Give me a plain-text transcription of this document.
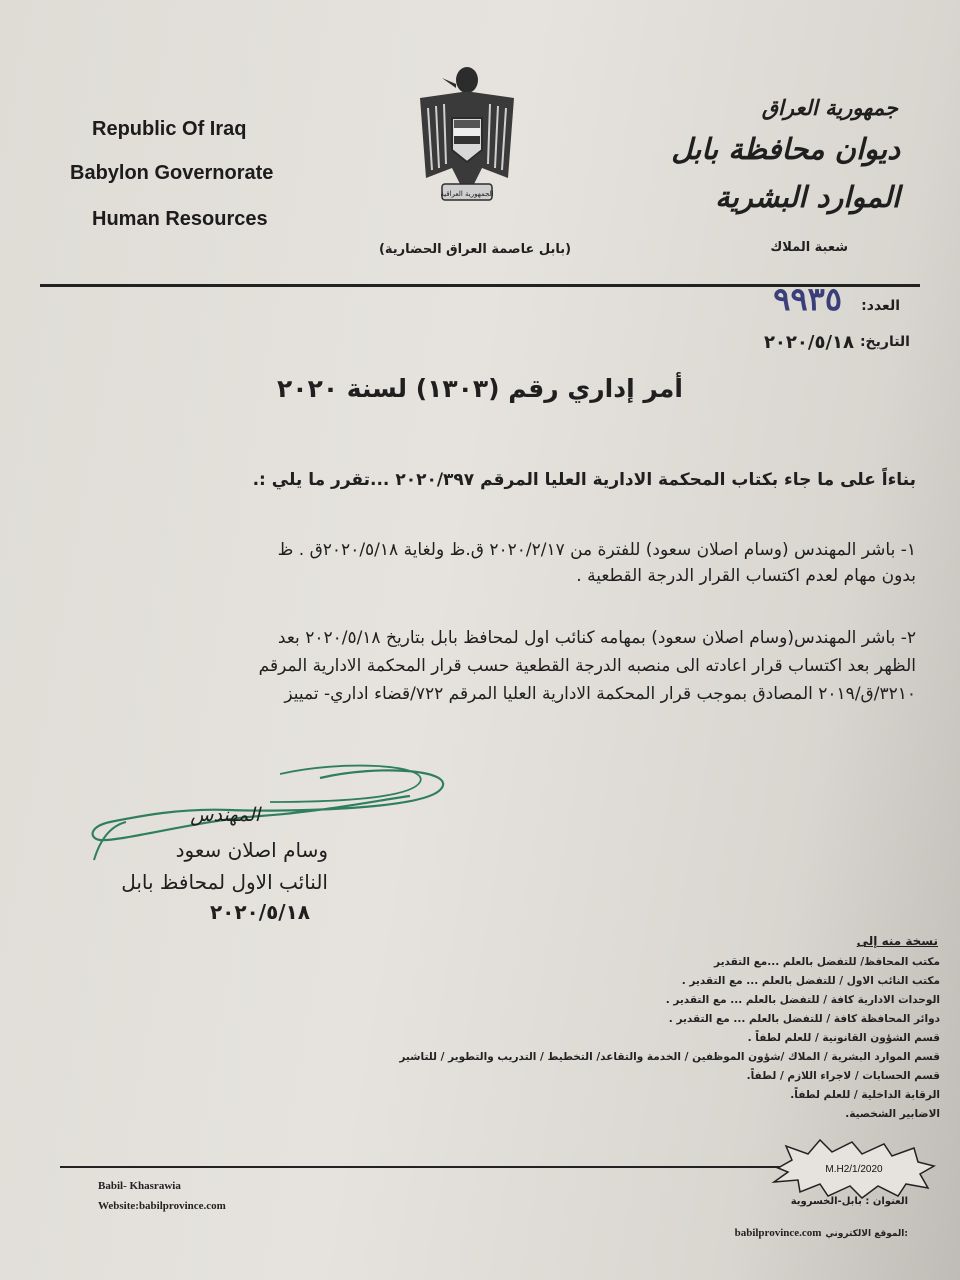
Republic Of Iraq
Babylon Governorate
Human Resources
الجمهورية العراقية
(بابل عاصمة العراق الحضارية)
جمهورية العراق
ديوان محافظة بابل
الموارد البشرية
شعبة الملاك
العدد:
٩٩٣٥
التاريخ:
٢٠٢٠/٥/١٨
أمر إداري رقم (١٣٠٣) لسنة ٢٠٢٠
بناءاً على ما جاء بكتاب المحكمة الادارية العليا المرقم ٢٠٢٠/٣٩٧ ...تقرر ما يلي :.
١- باشر المهندس (وسام اصلان سعود) للفترة من ٢٠٢٠/٢/١٧ ق.ظ ولغاية ٢٠٢٠/٥/١٨ق . ظ
بدون مهام لعدم اكتساب القرار الدرجة القطعية .
٢- باشر المهندس(وسام اصلان سعود) بمهامه كنائب اول لمحافظ بابل بتاريخ ٢٠٢٠/٥/١٨ بعد
الظهر بعد اكتساب قرار اعادته الى منصبه الدرجة القطعية حسب قرار المحكمة الادارية المرقم
٣٢١٠/ق/٢٠١٩ المصادق بموجب قرار المحكمة الادارية العليا المرقم ٧٢٢/قضاء اداري- تمييز
المهندس
وسام اصلان سعود
النائب الاول لمحافظ بابل
٢٠٢٠/٥/١٨
نسخة منه إلى
مكتب المحافظ/ للتفضل بالعلم ...مع التقدير
مكتب النائب الاول / للتفضل بالعلم ... مع التقدير .
الوحدات الادارية كافة / للتفضل بالعلم ... مع التقدير .
دوائر المحافظة كافة / للتفضل بالعلم ... مع التقدير .
قسم الشؤون القانونية / للعلم لطفاً .
قسم الموارد البشرية / الملاك /شؤون الموظفين / الخدمة والتقاعد/ التخطيط / التدريب والتطوير / للتاشير
قسم الحسابات / لاجراء اللازم / لطفاً.
الرقابة الداخلية / للعلم لطفاً.
الاضابير الشخصية.
M.H2/1/2020
Babil- Khasrawia
Website:babilprovince.com	العنوان : بابل-الخسروية
babilprovince.com الموقع الالكتروني:
